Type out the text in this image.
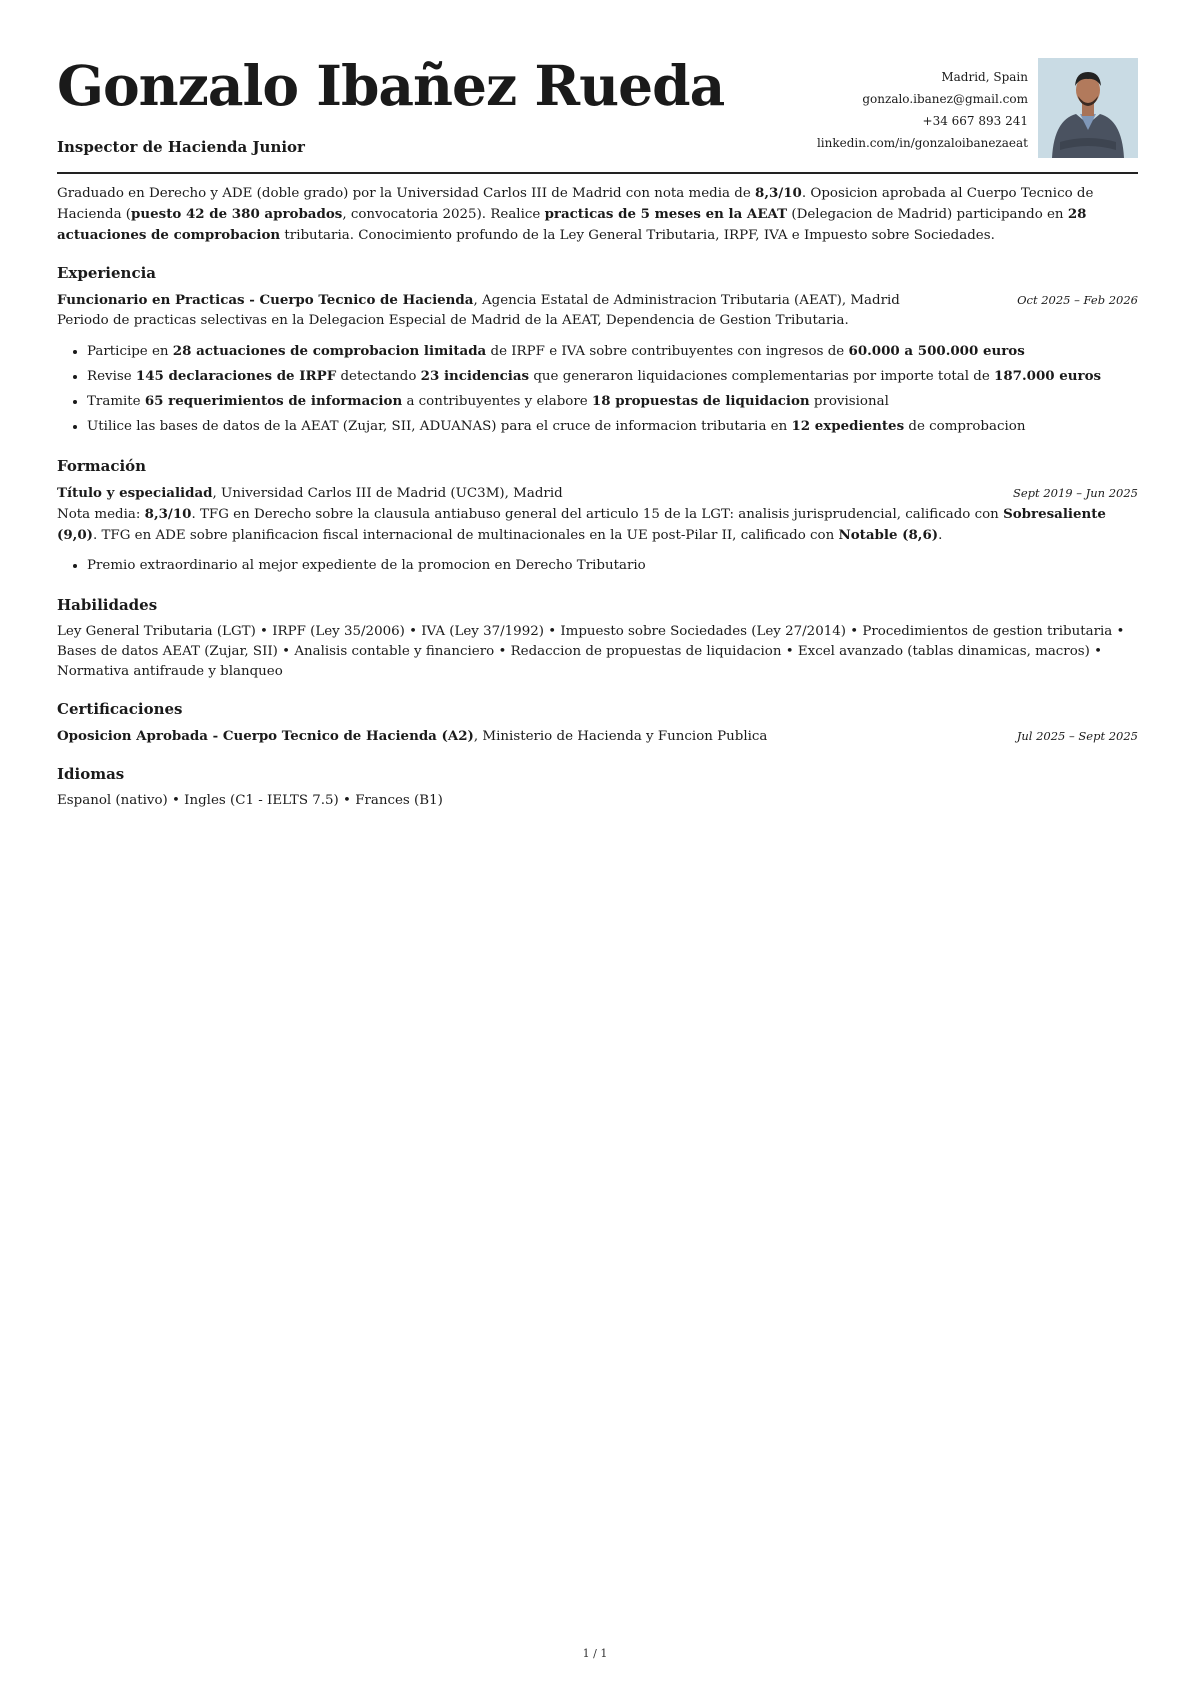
Gonzalo Ibañez Rueda
Inspector de Hacienda Junior
Madrid, Spain
gonzalo.ibanez@gmail.com
+34 667 893 241
linkedin.com/in/gonzaloibanezaeat
Graduado en Derecho y ADE (doble grado) por la Universidad Carlos III de Madrid con nota media de 8,3/10. Oposicion aprobada al Cuerpo Tecnico de Hacienda (puesto 42 de 380 aprobados, convocatoria 2025). Realice practicas de 5 meses en la AEAT (Delegacion de Madrid) participando en 28 actuaciones de comprobacion tributaria. Conocimiento profundo de la Ley General Tributaria, IRPF, IVA e Impuesto sobre Sociedades.
Experiencia
Funcionario en Practicas - Cuerpo Tecnico de Hacienda, Agencia Estatal de Administracion Tributaria (AEAT), Madrid	Oct 2025 – Feb 2026
Periodo de practicas selectivas en la Delegacion Especial de Madrid de la AEAT, Dependencia de Gestion Tributaria.
• Participe en 28 actuaciones de comprobacion limitada de IRPF e IVA sobre contribuyentes con ingresos de 60.000 a 500.000 euros
• Revise 145 declaraciones de IRPF detectando 23 incidencias que generaron liquidaciones complementarias por importe total de 187.000 euros
• Tramite 65 requerimientos de informacion a contribuyentes y elabore 18 propuestas de liquidacion provisional
• Utilice las bases de datos de la AEAT (Zujar, SII, ADUANAS) para el cruce de informacion tributaria en 12 expedientes de comprobacion
Formación
Título y especialidad, Universidad Carlos III de Madrid (UC3M), Madrid	Sept 2019 – Jun 2025
Nota media: 8,3/10. TFG en Derecho sobre la clausula antiabuso general del articulo 15 de la LGT: analisis jurisprudencial, calificado con Sobresaliente (9,0). TFG en ADE sobre planificacion fiscal internacional de multinacionales en la UE post-Pilar II, calificado con Notable (8,6).
• Premio extraordinario al mejor expediente de la promocion en Derecho Tributario
Habilidades
Ley General Tributaria (LGT) • IRPF (Ley 35/2006) • IVA (Ley 37/1992) • Impuesto sobre Sociedades (Ley 27/2014) • Procedimientos de gestion tributaria • Bases de datos AEAT (Zujar, SII) • Analisis contable y financiero • Redaccion de propuestas de liquidacion • Excel avanzado (tablas dinamicas, macros) • Normativa antifraude y blanqueo
Certificaciones
Oposicion Aprobada - Cuerpo Tecnico de Hacienda (A2), Ministerio de Hacienda y Funcion Publica	Jul 2025 – Sept 2025
Idiomas
Espanol (nativo) • Ingles (C1 - IELTS 7.5) • Frances (B1)
1 / 1
